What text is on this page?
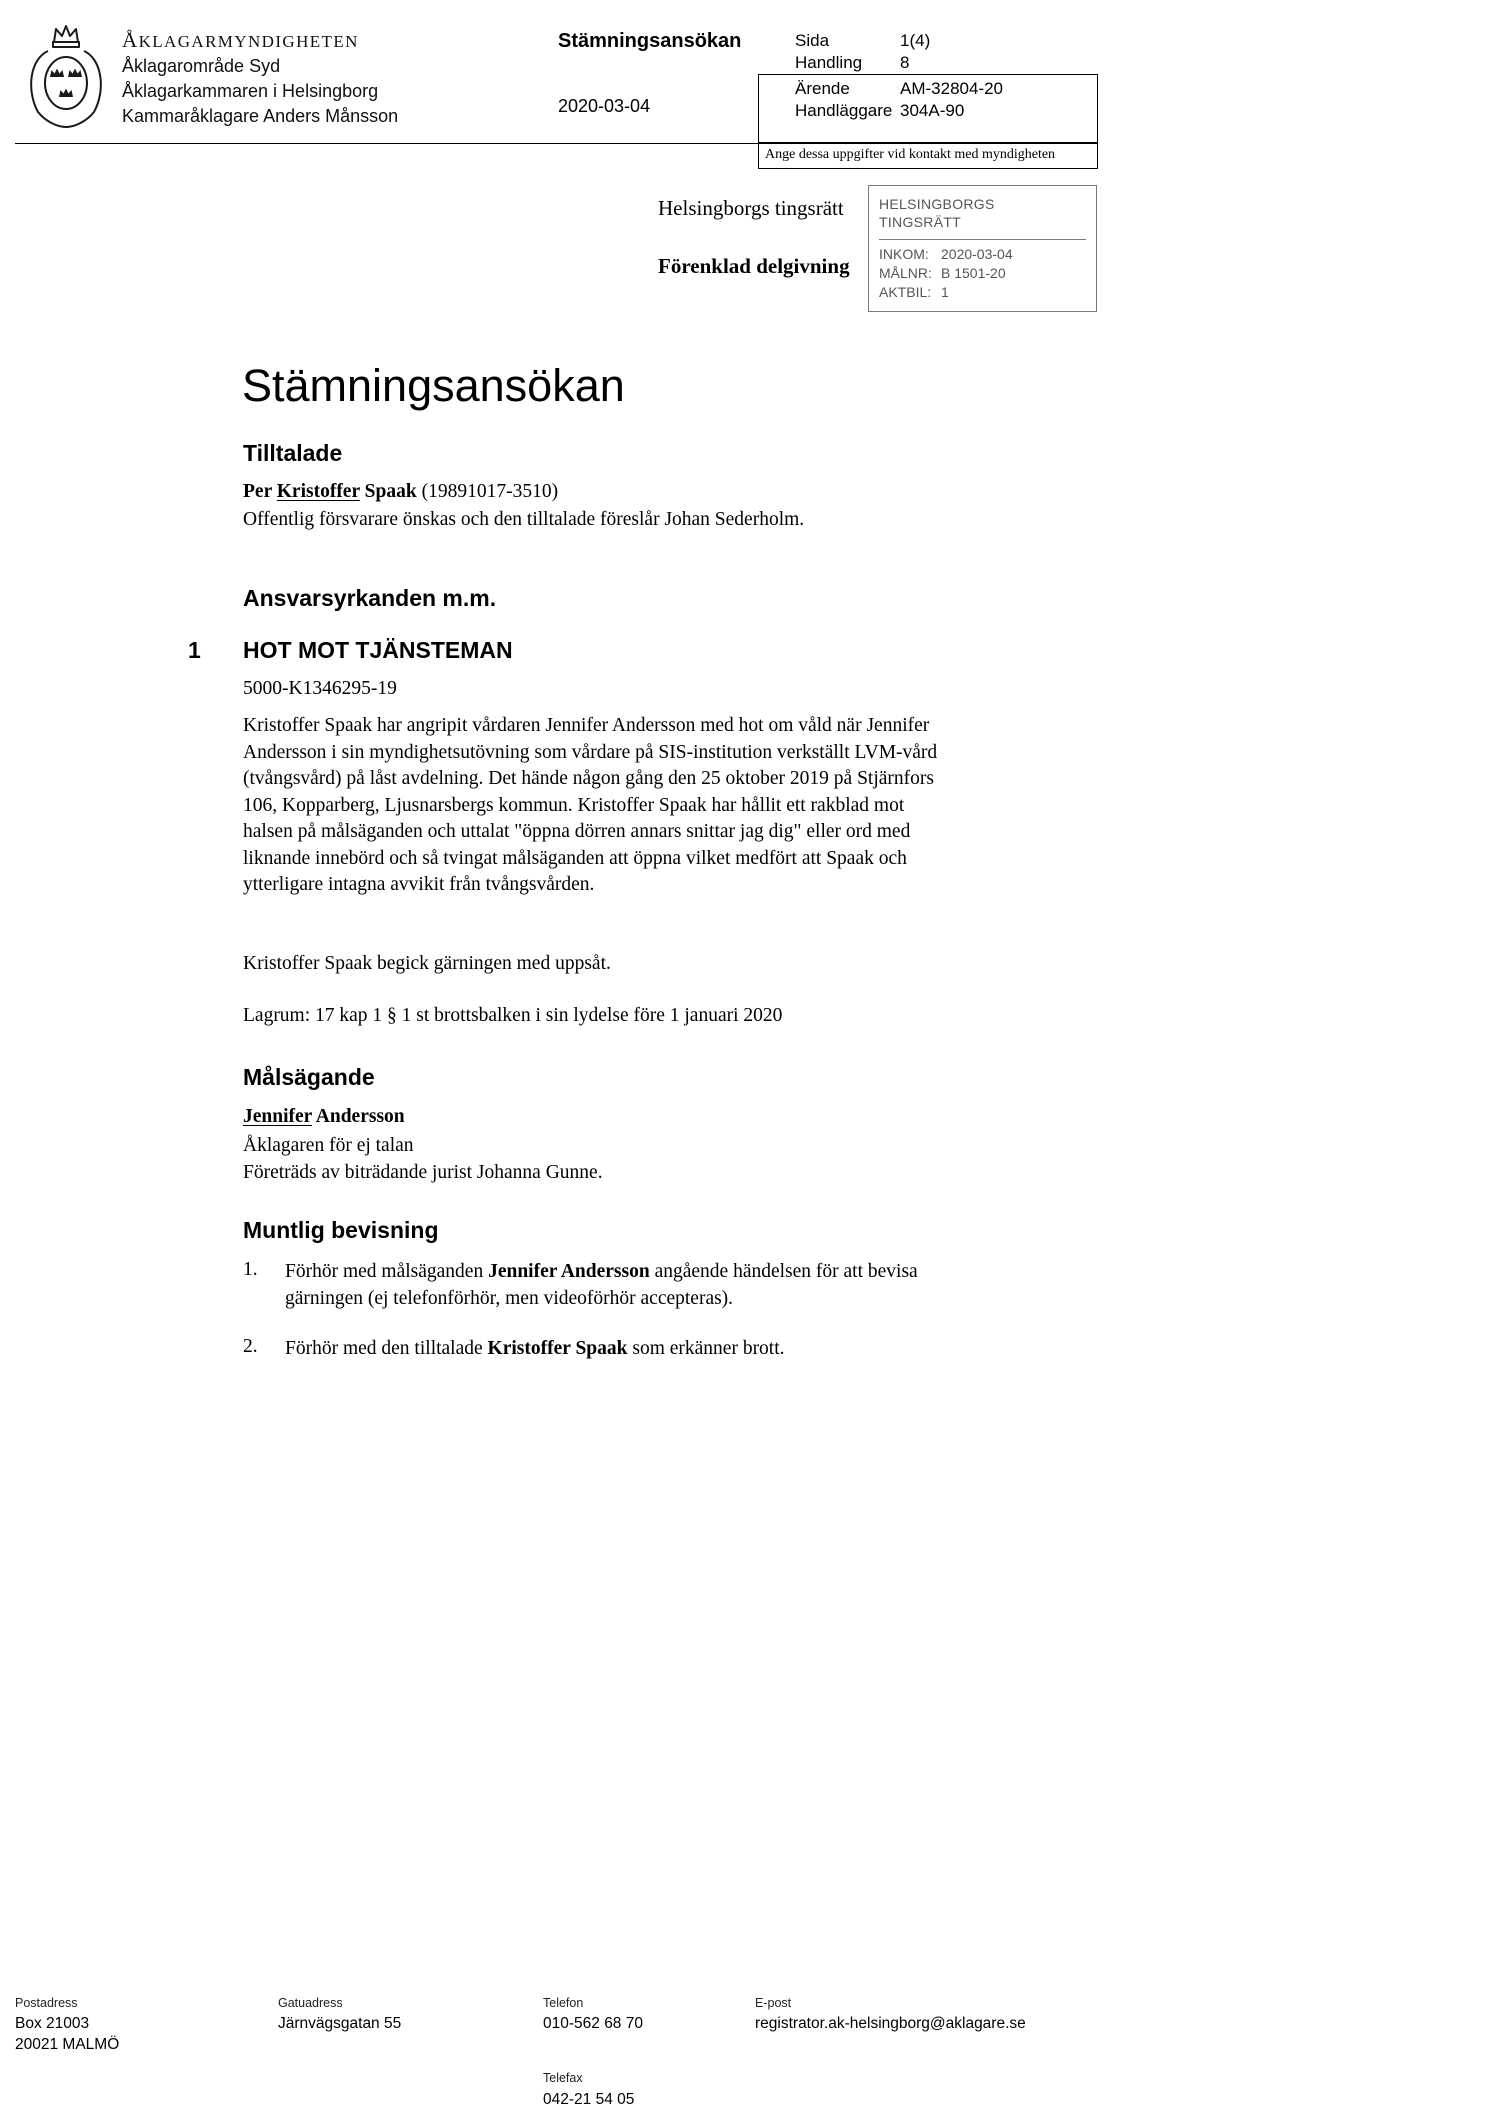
ÅKLAGARMYNDIGHETEN
Åklagarområde Syd
Åklagarkammaren i Helsingborg
Kammaråklagare Anders Månsson
Stämningsansökan
2020-03-04
Sida	1(4)
Handling 8
Ärende	AM-32804-20
Handläggare 304A-90
Ange dessa uppgifter vid kontakt med myndigheten
Helsingborgs tingsrätt
Förenklad delgivning
HELSINGBORGS
TINGSRÄTT
INKOM: 2020-03-04
MÅLNR: B 1501-20
AKTBIL: 1
Stämningsansökan
Tilltalade

Per Kristoffer Spaak (19891017-3510)

Offentlig försvarare önskas och den tilltalade föreslår Johan Sederholm.

Ansvarsyrkanden m.m.
1 HOT MOT TJÄNSTEMAN

5000-K1346295-19

Kristoffer Spaak har angripit vårdaren Jennifer Andersson med hot om våld när Jennifer Andersson i sin myndighetsutövning som vårdare på SIS-institution verkställt LVM-vård (tvångsvård) på låst avdelning. Det hände någon gång den 25 oktober 2019 på Stjärnfors 106, Kopparberg, Ljusnarsbergs kommun. Kristoffer Spaak har hållit ett rakblad mot halsen på målsäganden och uttalat "öppna dörren annars snittar jag dig" eller ord med liknande innebörd och så tvingat målsäganden att öppna vilket medfört att Spaak och ytterligare intagna avvikit från tvångsvården.

Kristoffer Spaak begick gärningen med uppsåt.

Lagrum: 17 kap 1 § 1 st brottsbalken i sin lydelse före 1 januari 2020

Målsägande

Jennifer Andersson

Åklagaren för ej talan

Företräds av biträdande jurist Johanna Gunne.

Muntlig bevisning
1. Förhör med målsäganden Jennifer Andersson angående händelsen för att bevisa gärningen (ej telefonförhör, men videoförhör accepteras).

2. Förhör med den tilltalade Kristoffer Spaak som erkänner brott.

Postadress
Box 21003
20021 MALMÖ
Gatuadress
Järnvägsgatan 55
Telefon
010-562 68 70
Telefax
042-21 54 05
E-post
registrator.ak-helsingborg@aklagare.se
